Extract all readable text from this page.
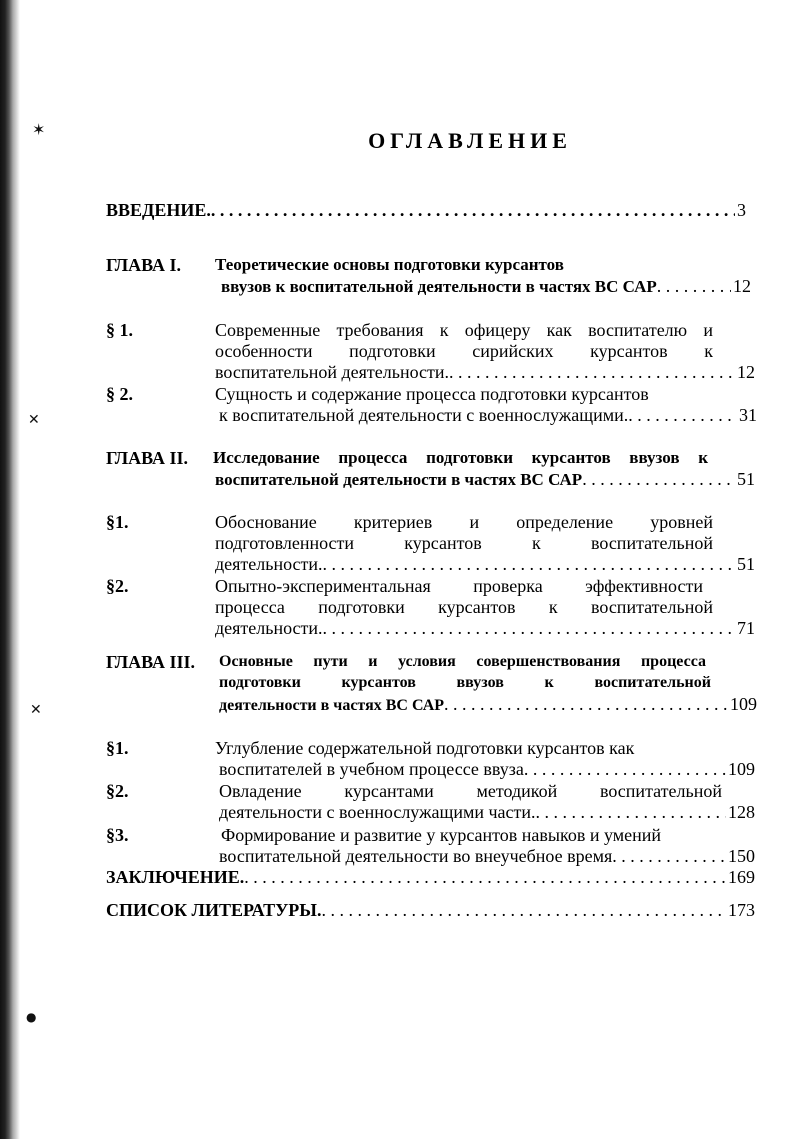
✶
✕
✕
●
ОГЛАВЛЕНИЕ
ВВЕДЕНИЕ. . . .	3
ГЛАВА I. Теоретические основы подготовки курсантов
ввузов к воспитательной деятельности в частях ВС САР . . .	12
§ 1.	Современные требования к офицеру как воспитателю и
особенности подготовки сирийских курсантов к
воспитательной деятельности. . . .	12
§ 2.	Сущность и содержание процесса подготовки курсантов
к воспитательной деятельности с военнослужащими. . . .	31
ГЛАВА II. Исследование процесса подготовки курсантов ввузов к
воспитательной деятельности в частях ВС САР . . .	51
§1.	Обоснование критериев и определение уровней
подготовленности курсантов к воспитательной
деятельности. . . .	51
§2.	Опытно-экспериментальная проверка эффективности
процесса подготовки курсантов к воспитательной
деятельности. . . .	71
ГЛАВА III. Основные пути и условия совершенствования процесса
подготовки курсантов ввузов к воспитательной
деятельности в частях ВС САР . . .	109
§1.	Углубление содержательной подготовки курсантов как
воспитателей в учебном процессе ввуза . . .	109
§2.	Овладение курсантами методикой воспитательной
деятельности с военнослужащими части. . . .	128
§3.	Формирование и развитие у курсантов навыков и умений
воспитательной деятельности во внеучебное время . . .	150
ЗАКЛЮЧЕНИЕ. . . .	169
СПИСОК ЛИТЕРАТУРЫ. . . .	173
